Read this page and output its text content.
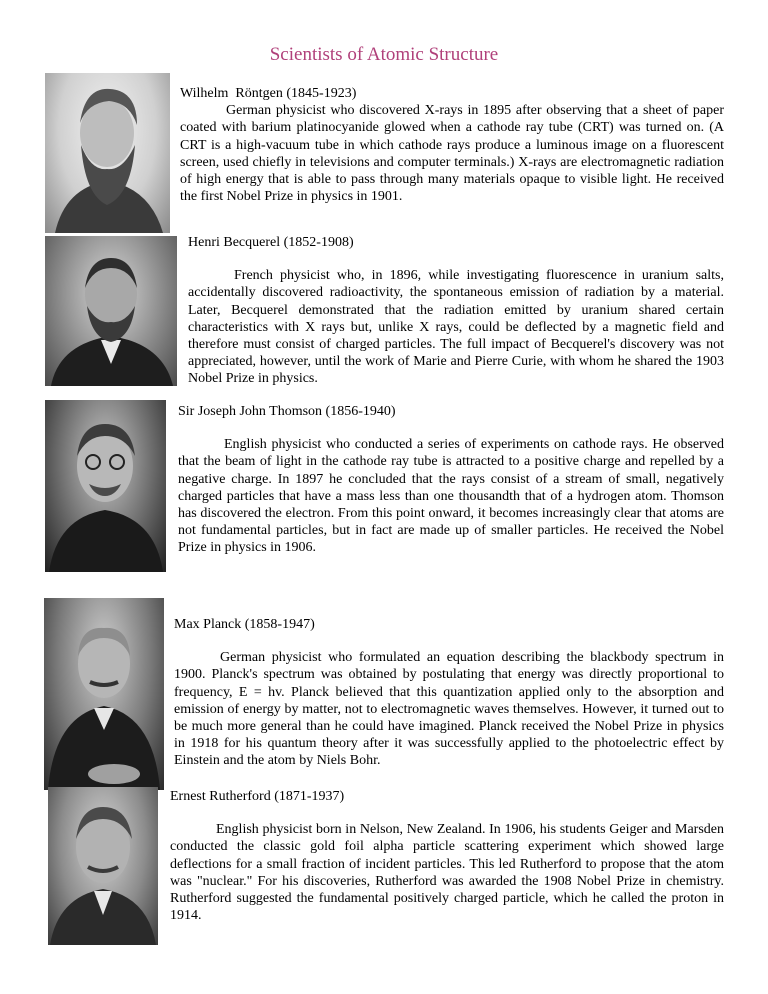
Scientists of Atomic Structure

Wilhelm  Röntgen (1845-1923)

German physicist who discovered X-rays in 1895 after observing that a sheet of paper coated with barium platinocyanide glowed when a cathode ray tube (CRT) was turned on. (A CRT is a high-vacuum tube in which cathode rays produce a luminous image on a fluorescent screen, used chiefly in televisions and computer terminals.) X-rays are electromagnetic radiation of high energy that is able to pass through many materials opaque to visible light. He received the first Nobel Prize in physics in 1901.

Henri Becquerel (1852-1908)

French physicist who, in 1896, while investigating fluorescence in uranium salts, accidentally discovered radioactivity, the spontaneous emission of radiation by a material. Later, Becquerel demonstrated that the radiation emitted by uranium shared certain characteristics with X rays but, unlike X rays, could be deflected by a magnetic field and therefore must consist of charged particles. The full impact of Becquerel's discovery was not appreciated, however, until the work of Marie and Pierre Curie, with whom he shared the 1903 Nobel Prize in physics.

Sir Joseph John Thomson (1856-1940)

English physicist who conducted a series of experiments on cathode rays. He observed that the beam of light in the cathode ray tube is attracted to a positive charge and repelled by a negative charge. In 1897 he concluded that the rays consist of a stream of small, negatively charged particles that have a mass less than one thousandth that of a hydrogen atom. Thomson has discovered the electron. From this point onward, it becomes increasingly clear that atoms are not fundamental particles, but in fact are made up of smaller particles. He received the Nobel Prize in physics in 1906.

Max Planck (1858-1947)

German physicist who formulated an equation describing the blackbody spectrum in 1900. Planck's spectrum was obtained by postulating that energy was directly proportional to frequency, E = hv. Planck believed that this quantization applied only to the absorption and emission of energy by matter, not to electromagnetic waves themselves. However, it turned out to be much more general than he could have imagined. Planck received the Nobel Prize in physics in 1918 for his quantum theory after it was successfully applied to the photoelectric effect by Einstein and the atom by Niels Bohr.

Ernest Rutherford (1871-1937)

English physicist born in Nelson, New Zealand. In 1906, his students Geiger and Marsden conducted the classic gold foil alpha particle scattering experiment which showed large deflections for a small fraction of incident particles. This led Rutherford to propose that the atom was "nuclear." For his discoveries, Rutherford was awarded the 1908 Nobel Prize in chemistry. Rutherford suggested the fundamental positively charged particle, which he called the proton in 1914.
